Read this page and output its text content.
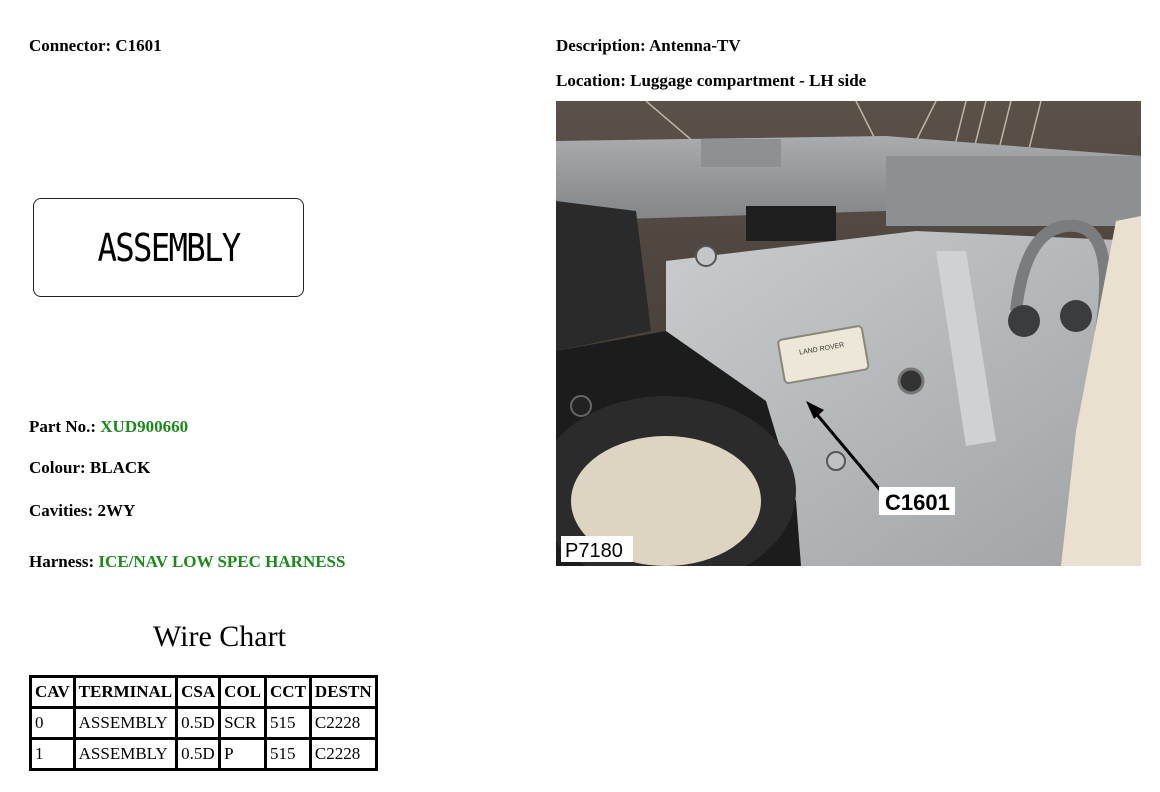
Connector: C1601	Description: Antenna-TV
Location: Luggage compartment - LH side
ASSEMBLY
Part No.: XUD900660
Colour: BLACK
Cavities: 2WY
Harness: ICE/NAV LOW SPEC HARNESS
Wire Chart
CAV	TERMINAL	CSA	COL	CCT	DESTN
0	ASSEMBLY	0.5D	SCR	515	C2228
1	ASSEMBLY	0.5D	P	515	C2228
LAND ROVER
C1601
P7180
